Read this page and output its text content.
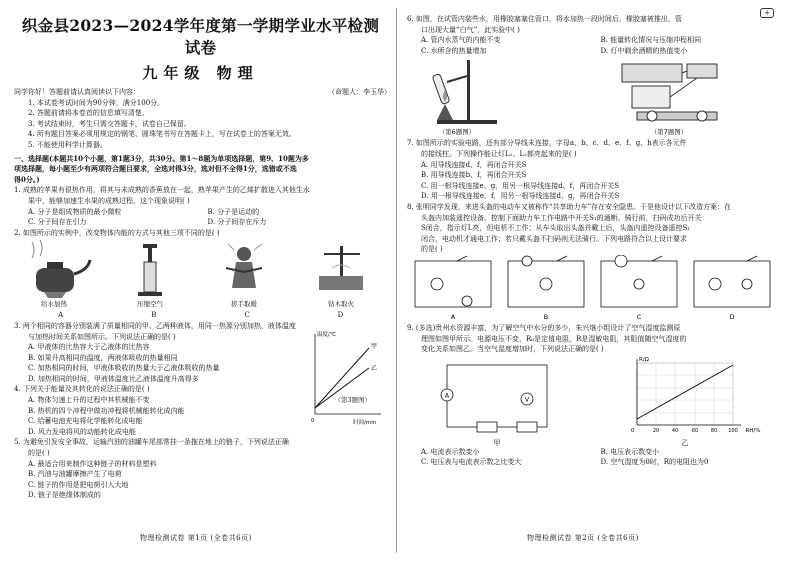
织金县2023—2024学年度第一学期学业水平检测试卷
九年级 物理
同学你好！答题前请认真阅读以下内容：	（命题人：李玉华）
1. 本试卷考试时间为90分钟，满分100分。
2. 答题前请将本卷首的信息填写清楚。
3. 考试结束时，考生只需交答题卡，试卷自己保留。
4. 所有题目答案必须用规定的钢笔、圆珠笔书写在答题卡上，写在试卷上的答案无效。
5. 不能使用科学计算器。
一、选择题(本题共10个小题，第1题3分，共30分。第1～8题为单项选择题，第9、10题为多
项选择题，每小题至少有两项符合题目要求，全选对得3分，选对但不全得1分，选错或不选
得0分。)
1. 成熟的苹果有很热作用，将其与未成熟的香蕉放在一起，熟苹果产生的乙烯扩散进入其他生水
果中，能够加速生水果的成熟过程，这个现象说明( )
A. 分子是组成物质的最小微粒	B. 分子是运动的
C. 分子间存在引力	D. 分子间存在斥力
2. 如图所示的实例中，改变物体内能的方式与其他三项不同的是( )
给水加热	压缩空气	搓手取暖	钻木取火
A	B	C	D
3. 两个相同的容器分别装满了质量相同的甲、乙两种液体，用同一热源分别加热，液体温度
与加热时间关系如图所示。下列说法正确的是( )
A. 甲液体的比热容大于乙液体的比热容
B. 如果升高相同的温度，两液体吸收的热量相同
C. 加热相同的时间，甲液体吸收的热量大于乙液体吸收的热量
D. 加热相同的时间，甲液体温度比乙液体温度升高得多
温度/℃
0	时间/min
甲
乙
4. 下列关于能量及其转化的说法正确的是( )
A. 物体匀速上升的过程中其机械能不变
B. 热机的四个冲程中做功冲程将机械能转化成内能
C. 给蓄电池充电将化学能转化成电能
D. 风力发电将风的动能转化成电能
（第3题图）
5. 为避免引发安全事故，运输汽油的油罐车尾部常挂一条拖在地上的链子，下列说法正确
的是( )
A. 最适合用来制作这种链子的材料是塑料
B. 汽油与油罐摩擦产生了电荷
C. 链子的作用是把电荷引入大地
D. 链子是绝缘体制成的
物理检测试卷 第1页 (全卷共6页)
+
6. 如图，在试管内装些水，用橡胶塞塞住管口，将水加热一段时间后，橡胶塞被推出，管
口出现大量“白气”，此实验中( )
A. 管内水蒸气的内能不变	B. 能量转化情况与压缩冲程相同
C. 水所含的热量增加	D. 灯中剩余酒精的热值变小
（第6题图）	（第7题图）
7. 如图所示的实验电路，还有部分导线未连接，字母a、b、c、d、e、f、g、h表示各元件
的接线柱。下列操作能让灯L₁、L₂都亮起来的是( )
A. 用导线连接d、f，再闭合开关S
B. 用导线连接b、f，再闭合开关S
C. 用一根导线连接e、g，用另一根导线连接d、f，再闭合开关S
D. 用一根导线连接e、f，用另一根导线连接d、g，再闭合开关S
8. 张明同学发现，来进头盔的电动车又被称作“共享助力车”存在安全隐患。于是他设计以下改造方案：在
头盔内加装遥控设备，控制下面助力车工作电路中开关S₁的通断。骑行前，扫码成功后开关
S闭合，指示灯L亮，但电机不工作；从车头取出头盔并戴上后，头盔内遥控设备遥控S₁
闭合，电动机才通电工作；若只戴头盔不扫码则无法骑行。下列电路符合以上设计要求
的是( )
A	B	C	D
9. (多选)贵州水资源丰富，为了解空气中水分的多少，朱兴继小组设计了空气湿度监测原
理图如图甲所示。电源电压不变，R₀是定值电阻，R是湿敏电阻，其阻值随空气湿度的
变化关系如图乙。当空气湿度增加时，下列说法正确的是( )
A	V
甲
R/Ω
0	20	40	60	80 100 RH/%
乙
A. 电流表示数变小	B. 电压表示数变小
C. 电压表与电流表示数之比变大	D. 空气湿度为0时，R的电阻也为0
物理检测试卷 第2页 (全卷共6页)
